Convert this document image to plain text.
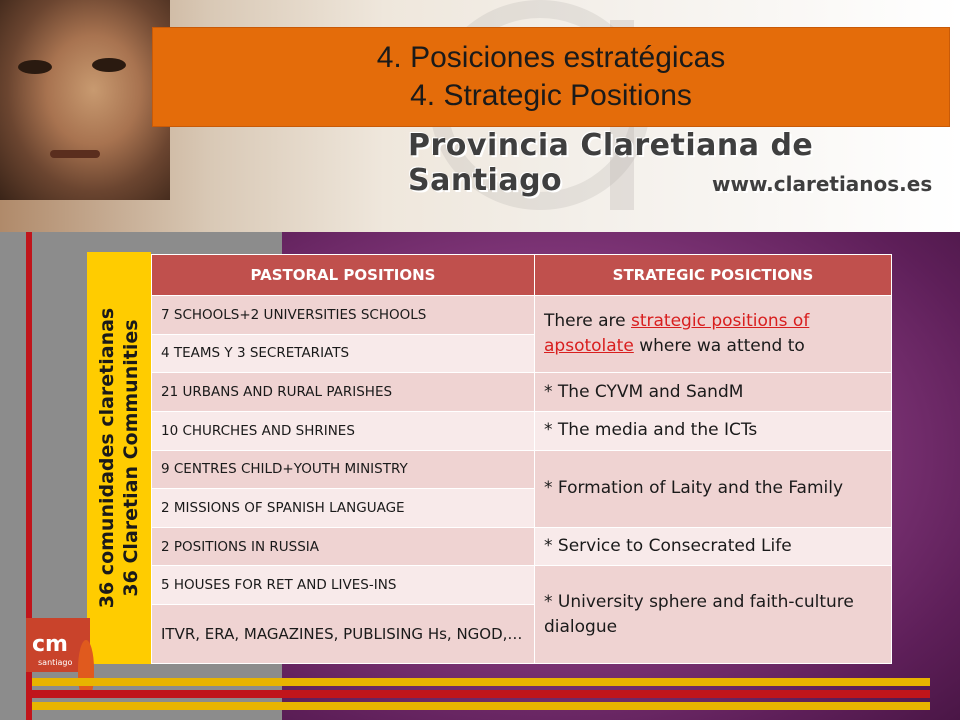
4. Posiciones estratégicas
4. Strategic Positions
Provincia Claretiana de Santiago	www.claretianos.es
36 comunidades claretianas 36 Claretian Communities
cm
santiago
PASTORAL POSITIONS	STRATEGIC POSICTIONS
7 SCHOOLS+2 UNIVERSITIES SCHOOLS	There are strategic positions of apsotolate where wa attend to
4 TEAMS Y 3 SECRETARIATS	
21 URBANS AND RURAL PARISHES	* The CYVM and SandM
10 CHURCHES AND SHRINES	* The media and the ICTs
9 CENTRES CHILD+YOUTH MINISTRY	* Formation of Laity and the Family
2 MISSIONS OF SPANISH LANGUAGE	
2 POSITIONS IN RUSSIA	* Service to Consecrated Life
5 HOUSES FOR RET AND LIVES-INS	* University sphere and faith-culture dialogue
ITVR, ERA, MAGAZINES, PUBLISING Hs, NGOD,…	
